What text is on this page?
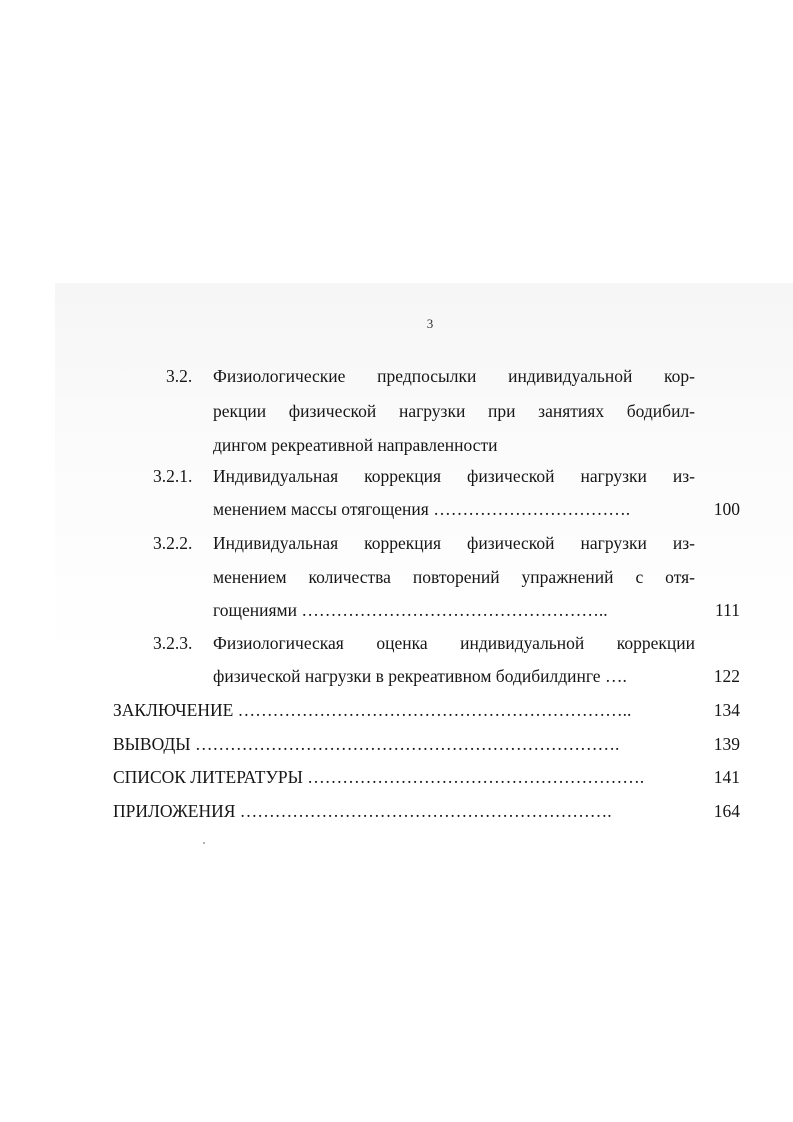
3
3.2. Физиологические предпосылки индивидуальной кор-
рекции физической нагрузки при занятиях бодибил-
дингом рекреативной направленности
3.2.1. Индивидуальная коррекция физической нагрузки из-
менением массы отягощения …………………………….	100
3.2.2. Индивидуальная коррекция физической нагрузки из-
менением количества повторений упражнений с отя-
гощениями ……………………………………………..	111
3.2.3. Физиологическая оценка индивидуальной коррекции
физической нагрузки в рекреативном бодибилдинге ….	122
ЗАКЛЮЧЕНИЕ …………………………………………………………..	134
ВЫВОДЫ ……………………………………………………………….	139
СПИСОК ЛИТЕРАТУРЫ ………………………………………………….	141
ПРИЛОЖЕНИЯ ……………………………………………………….	164
